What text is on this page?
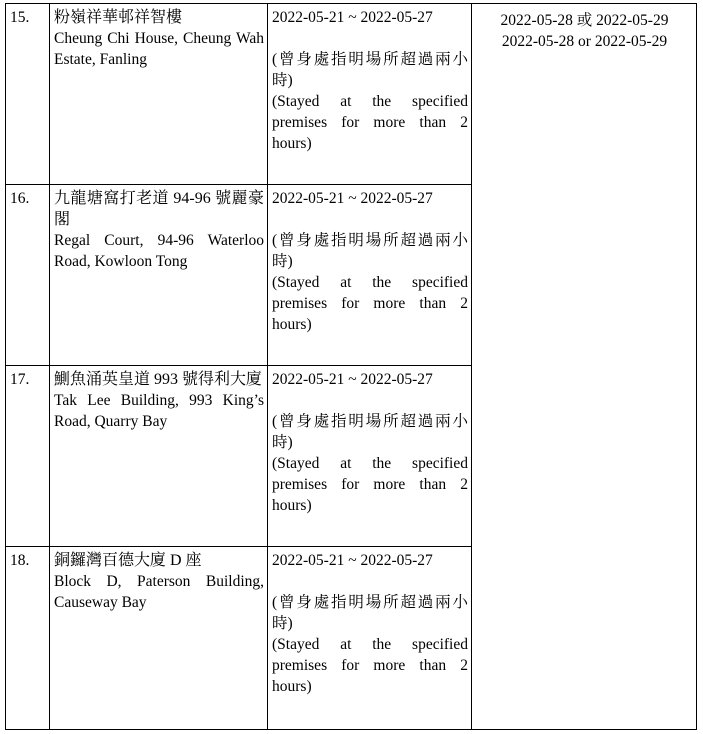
15.	粉嶺祥華邨祥智樓
Cheung Chi House, Cheung Wah Estate, Fanling	2022-05-21 ~ 2022-05-27
(曾身處指明場所超過兩小時)
(Stayed at the specified premises for more than 2 hours)	2022-05-28 或 2022-05-29
2022-05-28 or 2022-05-29

16.	九龍塘窩打老道 94-96 號麗豪閣
Regal Court, 94-96 Waterloo Road, Kowloon Tong	2022-05-21 ~ 2022-05-27
(曾身處指明場所超過兩小時)
(Stayed at the specified premises for more than 2 hours)	

17.	鰂魚涌英皇道 993 號得利大廈
Tak Lee Building, 993 King’s Road, Quarry Bay	2022-05-21 ~ 2022-05-27
(曾身處指明場所超過兩小時)
(Stayed at the specified premises for more than 2 hours)	

18.	銅鑼灣百德大廈 D 座
Block D, Paterson Building, Causeway Bay	2022-05-21 ~ 2022-05-27
(曾身處指明場所超過兩小時)
(Stayed at the specified premises for more than 2 hours)	
